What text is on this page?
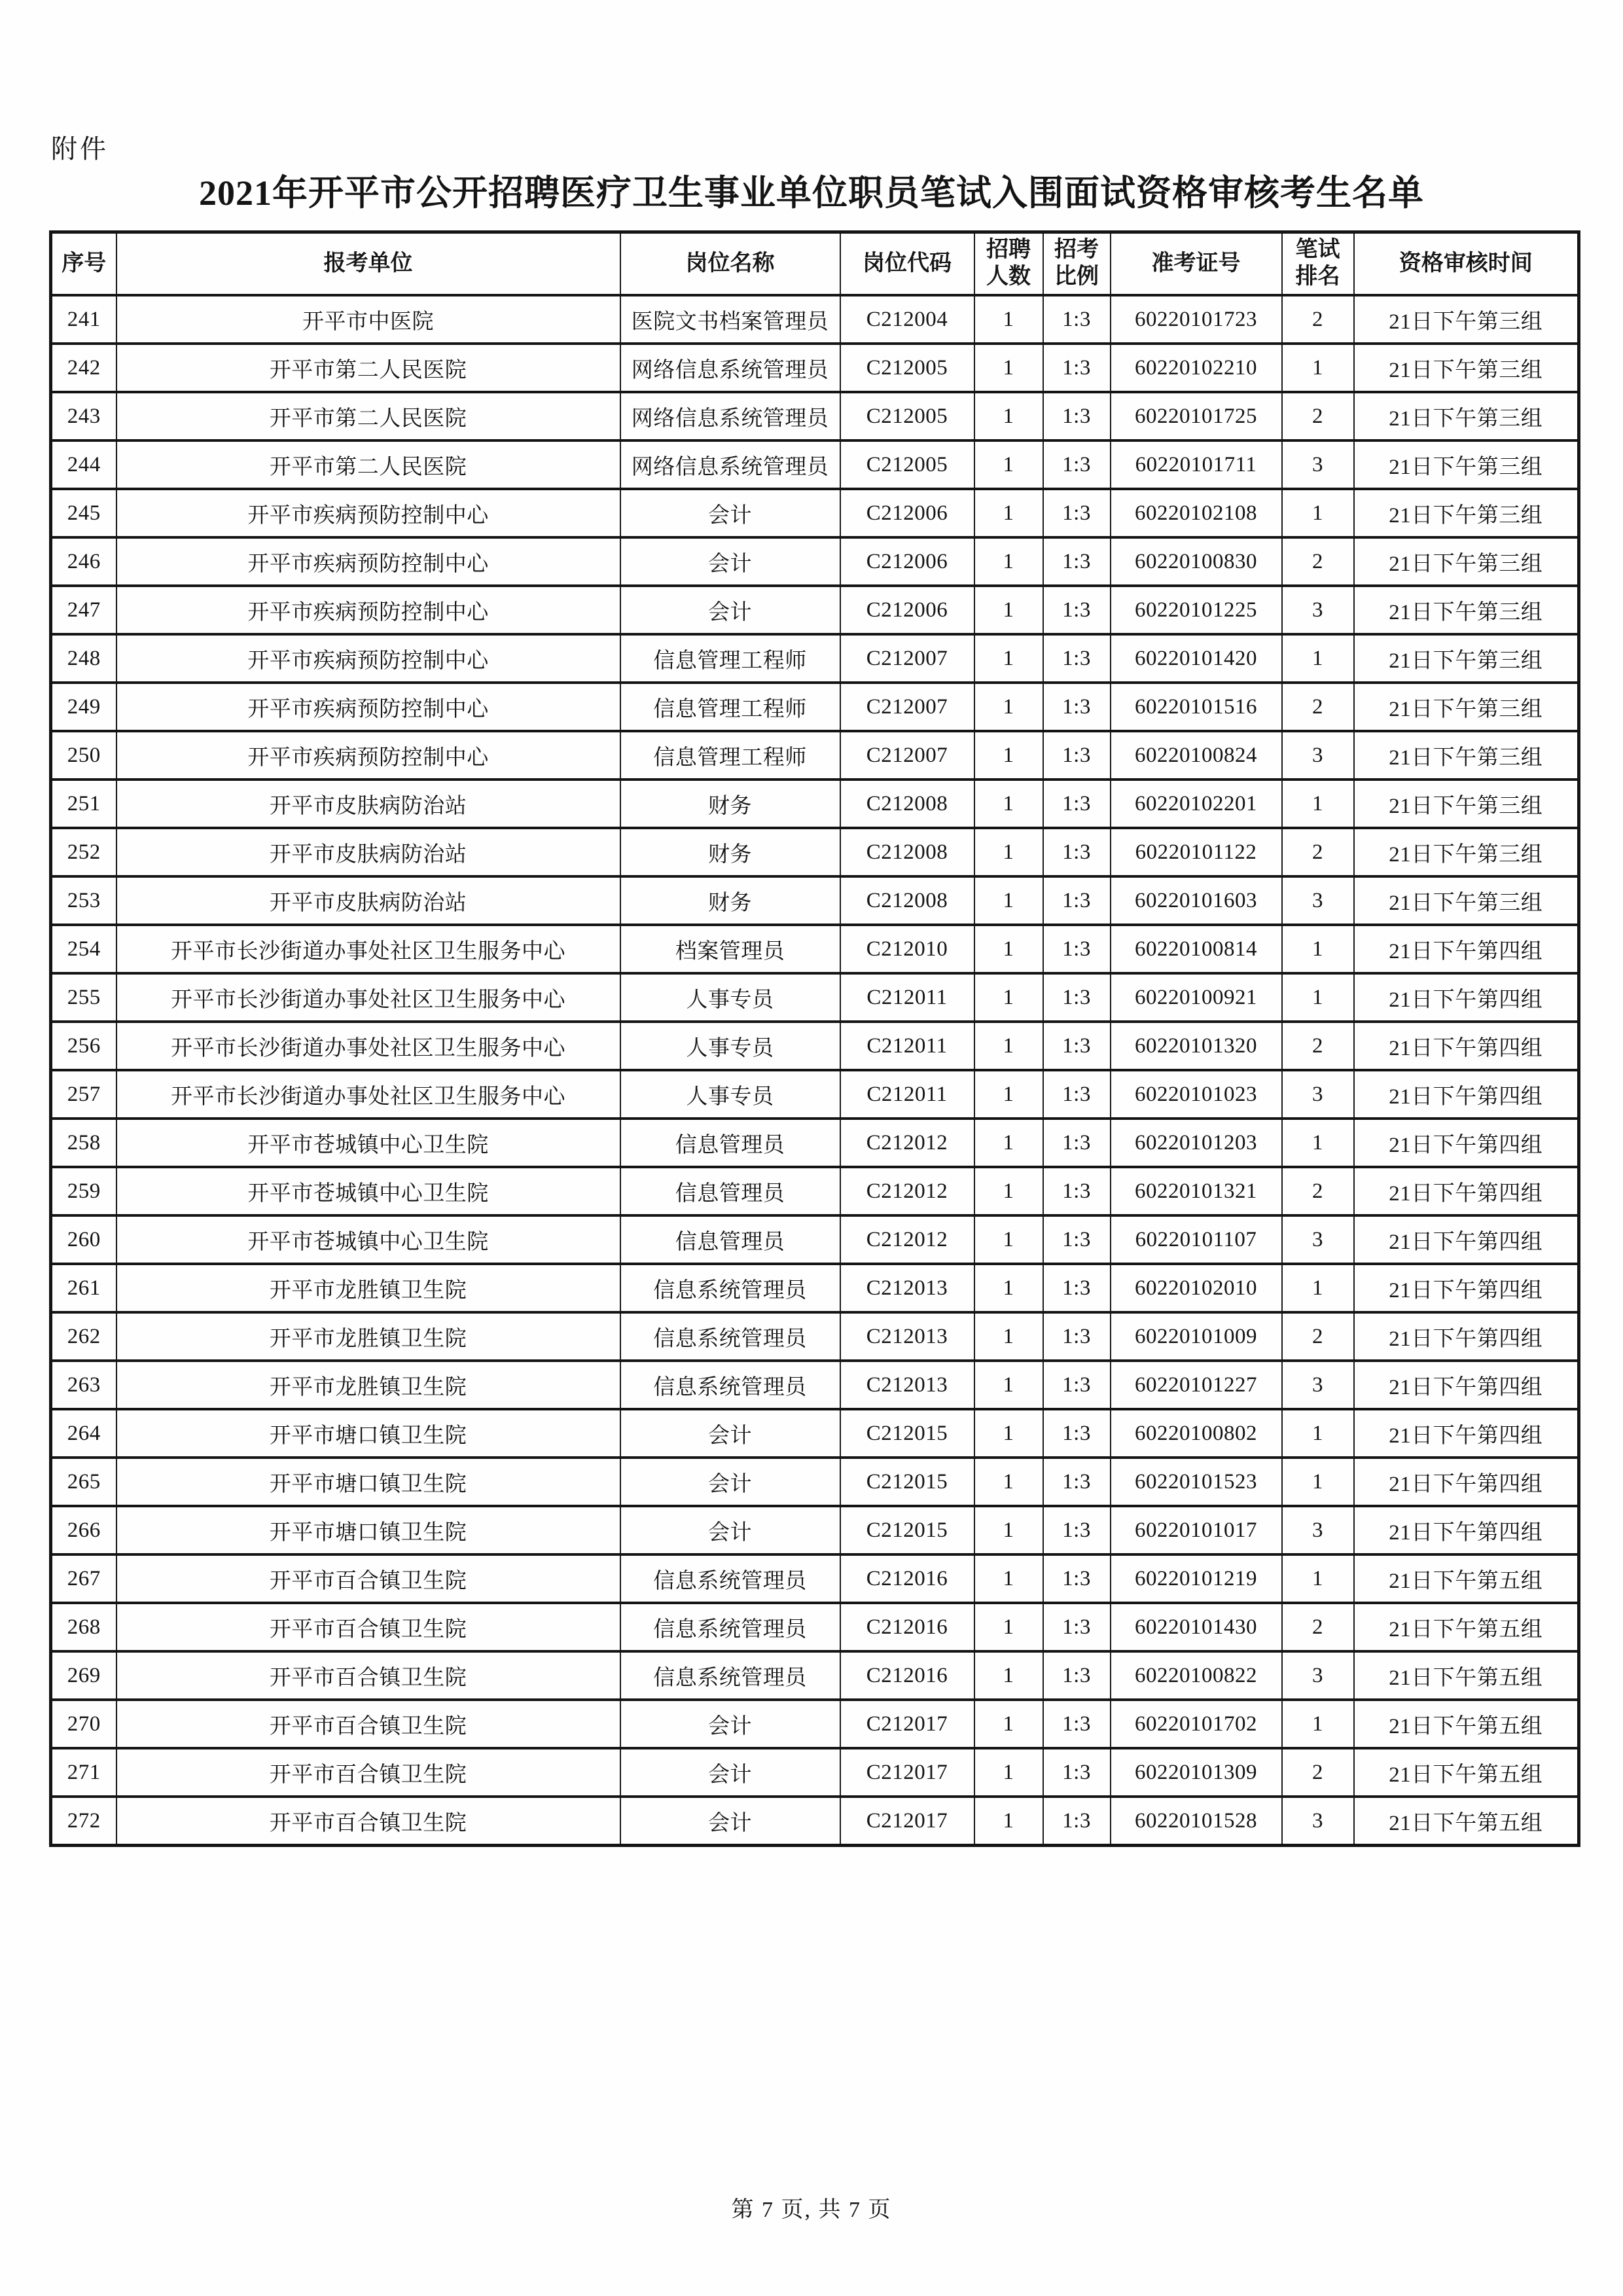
附件
2021年开平市公开招聘医疗卫生事业单位职员笔试入围面试资格审核考生名单
序号	报考单位	岗位名称	岗位代码	招聘人数	招考比例	准考证号	笔试排名	资格审核时间
241	开平市中医院	医院文书档案管理员	C212004	1	1:3	60220101723	2	21日下午第三组
242	开平市第二人民医院	网络信息系统管理员	C212005	1	1:3	60220102210	1	21日下午第三组
243	开平市第二人民医院	网络信息系统管理员	C212005	1	1:3	60220101725	2	21日下午第三组
244	开平市第二人民医院	网络信息系统管理员	C212005	1	1:3	60220101711	3	21日下午第三组
245	开平市疾病预防控制中心	会计	C212006	1	1:3	60220102108	1	21日下午第三组
246	开平市疾病预防控制中心	会计	C212006	1	1:3	60220100830	2	21日下午第三组
247	开平市疾病预防控制中心	会计	C212006	1	1:3	60220101225	3	21日下午第三组
248	开平市疾病预防控制中心	信息管理工程师	C212007	1	1:3	60220101420	1	21日下午第三组
249	开平市疾病预防控制中心	信息管理工程师	C212007	1	1:3	60220101516	2	21日下午第三组
250	开平市疾病预防控制中心	信息管理工程师	C212007	1	1:3	60220100824	3	21日下午第三组
251	开平市皮肤病防治站	财务	C212008	1	1:3	60220102201	1	21日下午第三组
252	开平市皮肤病防治站	财务	C212008	1	1:3	60220101122	2	21日下午第三组
253	开平市皮肤病防治站	财务	C212008	1	1:3	60220101603	3	21日下午第三组
254	开平市长沙街道办事处社区卫生服务中心	档案管理员	C212010	1	1:3	60220100814	1	21日下午第四组
255	开平市长沙街道办事处社区卫生服务中心	人事专员	C212011	1	1:3	60220100921	1	21日下午第四组
256	开平市长沙街道办事处社区卫生服务中心	人事专员	C212011	1	1:3	60220101320	2	21日下午第四组
257	开平市长沙街道办事处社区卫生服务中心	人事专员	C212011	1	1:3	60220101023	3	21日下午第四组
258	开平市苍城镇中心卫生院	信息管理员	C212012	1	1:3	60220101203	1	21日下午第四组
259	开平市苍城镇中心卫生院	信息管理员	C212012	1	1:3	60220101321	2	21日下午第四组
260	开平市苍城镇中心卫生院	信息管理员	C212012	1	1:3	60220101107	3	21日下午第四组
261	开平市龙胜镇卫生院	信息系统管理员	C212013	1	1:3	60220102010	1	21日下午第四组
262	开平市龙胜镇卫生院	信息系统管理员	C212013	1	1:3	60220101009	2	21日下午第四组
263	开平市龙胜镇卫生院	信息系统管理员	C212013	1	1:3	60220101227	3	21日下午第四组
264	开平市塘口镇卫生院	会计	C212015	1	1:3	60220100802	1	21日下午第四组
265	开平市塘口镇卫生院	会计	C212015	1	1:3	60220101523	1	21日下午第四组
266	开平市塘口镇卫生院	会计	C212015	1	1:3	60220101017	3	21日下午第四组
267	开平市百合镇卫生院	信息系统管理员	C212016	1	1:3	60220101219	1	21日下午第五组
268	开平市百合镇卫生院	信息系统管理员	C212016	1	1:3	60220101430	2	21日下午第五组
269	开平市百合镇卫生院	信息系统管理员	C212016	1	1:3	60220100822	3	21日下午第五组
270	开平市百合镇卫生院	会计	C212017	1	1:3	60220101702	1	21日下午第五组
271	开平市百合镇卫生院	会计	C212017	1	1:3	60220101309	2	21日下午第五组
272	开平市百合镇卫生院	会计	C212017	1	1:3	60220101528	3	21日下午第五组
第 7 页, 共 7 页
